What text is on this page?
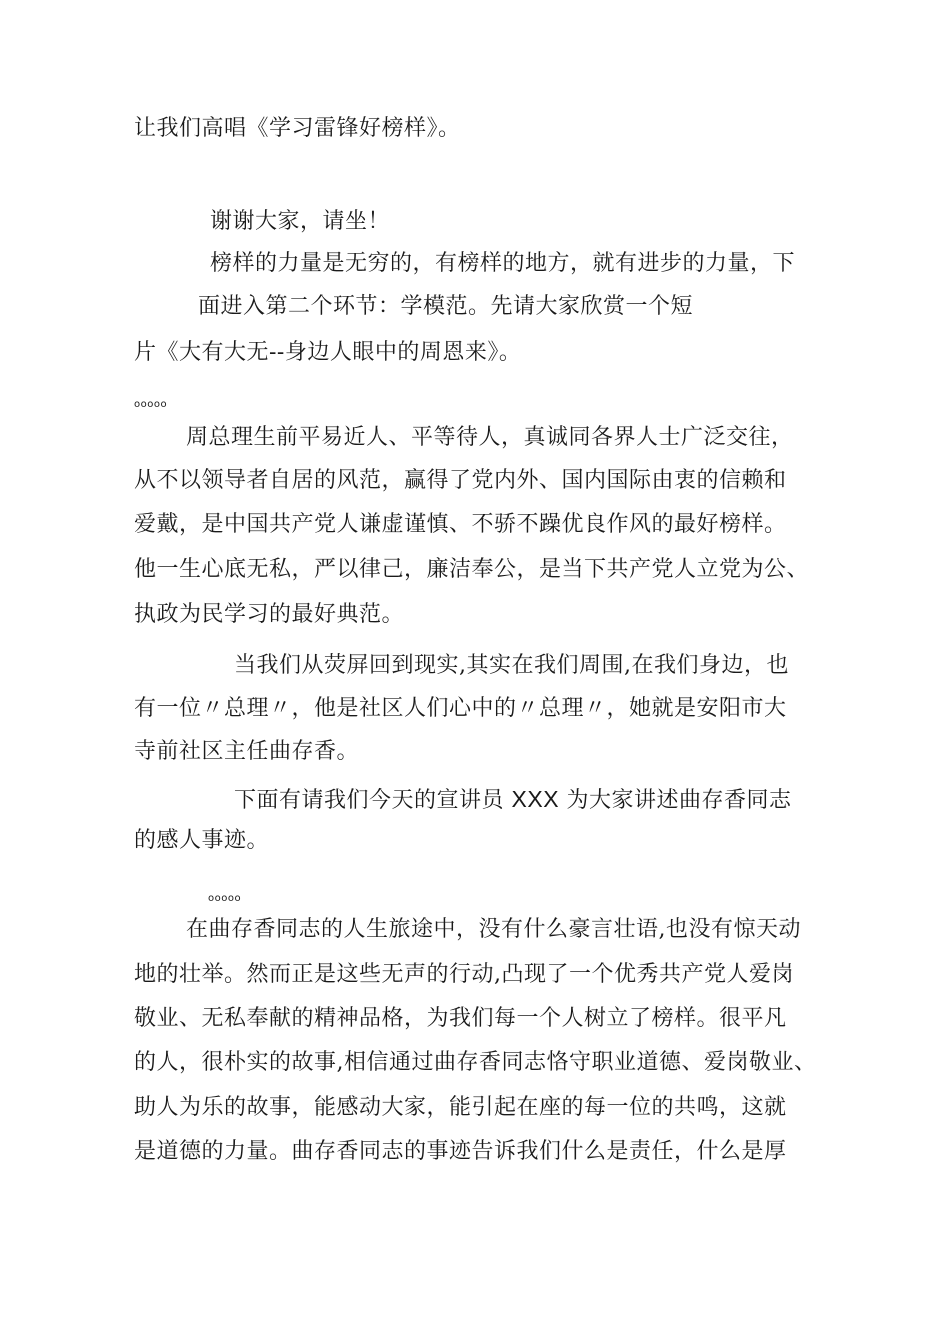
让我们高唱《学习雷锋好榜样》。
谢谢大家，请坐！
榜样的力量是无穷的，有榜样的地方，就有进步的力量，下
面进入第二个环节：学模范。先请大家欣赏一个短
片《大有大无--身边人眼中的周恩来》。
ooooo
周总理生前平易近人、平等待人，真诚同各界人士广泛交往，
从不以领导者自居的风范，赢得了党内外、国内国际由衷的信赖和
爱戴，是中国共产党人谦虚谨慎、不骄不躁优良作风的最好榜样。
他一生心底无私，严以律己，廉洁奉公，是当下共产党人立党为公、
执政为民学习的最好典范。
当我们从荧屏回到现实,其实在我们周围,在我们身边，也
有一位〃总理〃，他是社区人们心中的〃总理〃，她就是安阳市大
寺前社区主任曲存香。
下面有请我们今天的宣讲员 XXX 为大家讲述曲存香同志
的感人事迹。
ooooo
在曲存香同志的人生旅途中，没有什么豪言壮语,也没有惊天动
地的壮举。然而正是这些无声的行动,凸现了一个优秀共产党人爱岗
敬业、无私奉献的精神品格，为我们每一个人树立了榜样。很平凡
的人，很朴实的故事,相信通过曲存香同志恪守职业道德、爱岗敬业、
助人为乐的故事，能感动大家，能引起在座的每一位的共鸣，这就
是道德的力量。曲存香同志的事迹告诉我们什么是责任，什么是厚
